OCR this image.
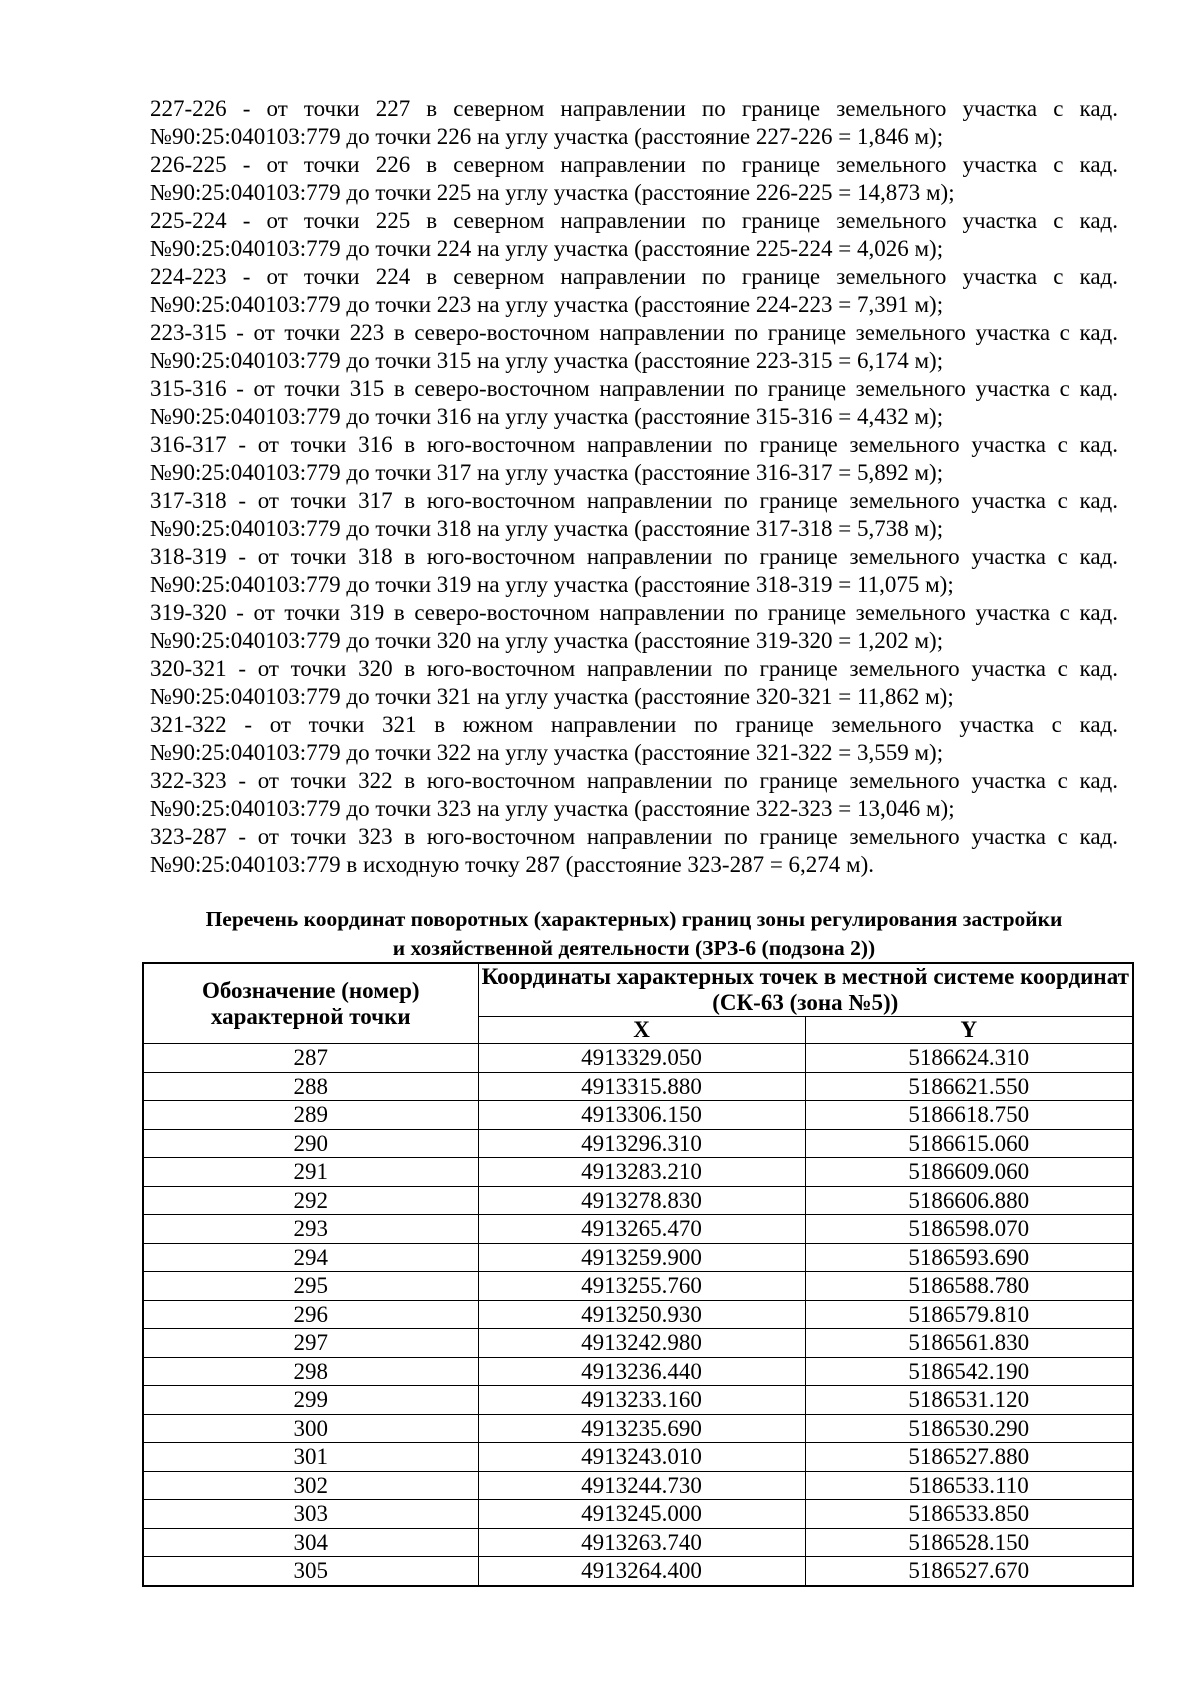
227-226 - от точки 227 в северном направлении по границе земельного участка с кад.
№90:25:040103:779 до точки 226 на углу участка (расстояние 227-226 = 1,846 м);
226-225 - от точки 226 в северном направлении по границе земельного участка с кад.
№90:25:040103:779 до точки 225 на углу участка (расстояние 226-225 = 14,873 м);
225-224 - от точки 225 в северном направлении по границе земельного участка с кад.
№90:25:040103:779 до точки 224 на углу участка (расстояние 225-224 = 4,026 м);
224-223 - от точки 224 в северном направлении по границе земельного участка с кад.
№90:25:040103:779 до точки 223 на углу участка (расстояние 224-223 = 7,391 м);
223-315 - от точки 223 в северо-восточном направлении по границе земельного участка с кад.
№90:25:040103:779 до точки 315 на углу участка (расстояние 223-315 = 6,174 м);
315-316 - от точки 315 в северо-восточном направлении по границе земельного участка с кад.
№90:25:040103:779 до точки 316 на углу участка (расстояние 315-316 = 4,432 м);
316-317 - от точки 316 в юго-восточном направлении по границе земельного участка с кад.
№90:25:040103:779 до точки 317 на углу участка (расстояние 316-317 = 5,892 м);
317-318 - от точки 317 в юго-восточном направлении по границе земельного участка с кад.
№90:25:040103:779 до точки 318 на углу участка (расстояние 317-318 = 5,738 м);
318-319 - от точки 318 в юго-восточном направлении по границе земельного участка с кад.
№90:25:040103:779 до точки 319 на углу участка (расстояние 318-319 = 11,075 м);
319-320 - от точки 319 в северо-восточном направлении по границе земельного участка с кад.
№90:25:040103:779 до точки 320 на углу участка (расстояние 319-320 = 1,202 м);
320-321 - от точки 320 в юго-восточном направлении по границе земельного участка с кад.
№90:25:040103:779 до точки 321 на углу участка (расстояние 320-321 = 11,862 м);
321-322 - от точки 321 в южном направлении по границе земельного участка с кад.
№90:25:040103:779 до точки 322 на углу участка (расстояние 321-322 = 3,559 м);
322-323 - от точки 322 в юго-восточном направлении по границе земельного участка с кад.
№90:25:040103:779 до точки 323 на углу участка (расстояние 322-323 = 13,046 м);
323-287 - от точки 323 в юго-восточном направлении по границе земельного участка с кад.
№90:25:040103:779 в исходную точку 287 (расстояние 323-287 = 6,274 м).
Перечень координат поворотных (характерных) границ зоны регулирования застройки
и хозяйственной деятельности (ЗРЗ-6 (подзона 2))
Обозначение (номер) характерной точки	Координаты характерных точек в местной системе координат (СК-63 (зона №5))	
	X	Y
287	4913329.050	5186624.310
288	4913315.880	5186621.550
289	4913306.150	5186618.750
290	4913296.310	5186615.060
291	4913283.210	5186609.060
292	4913278.830	5186606.880
293	4913265.470	5186598.070
294	4913259.900	5186593.690
295	4913255.760	5186588.780
296	4913250.930	5186579.810
297	4913242.980	5186561.830
298	4913236.440	5186542.190
299	4913233.160	5186531.120
300	4913235.690	5186530.290
301	4913243.010	5186527.880
302	4913244.730	5186533.110
303	4913245.000	5186533.850
304	4913263.740	5186528.150
305	4913264.400	5186527.670
